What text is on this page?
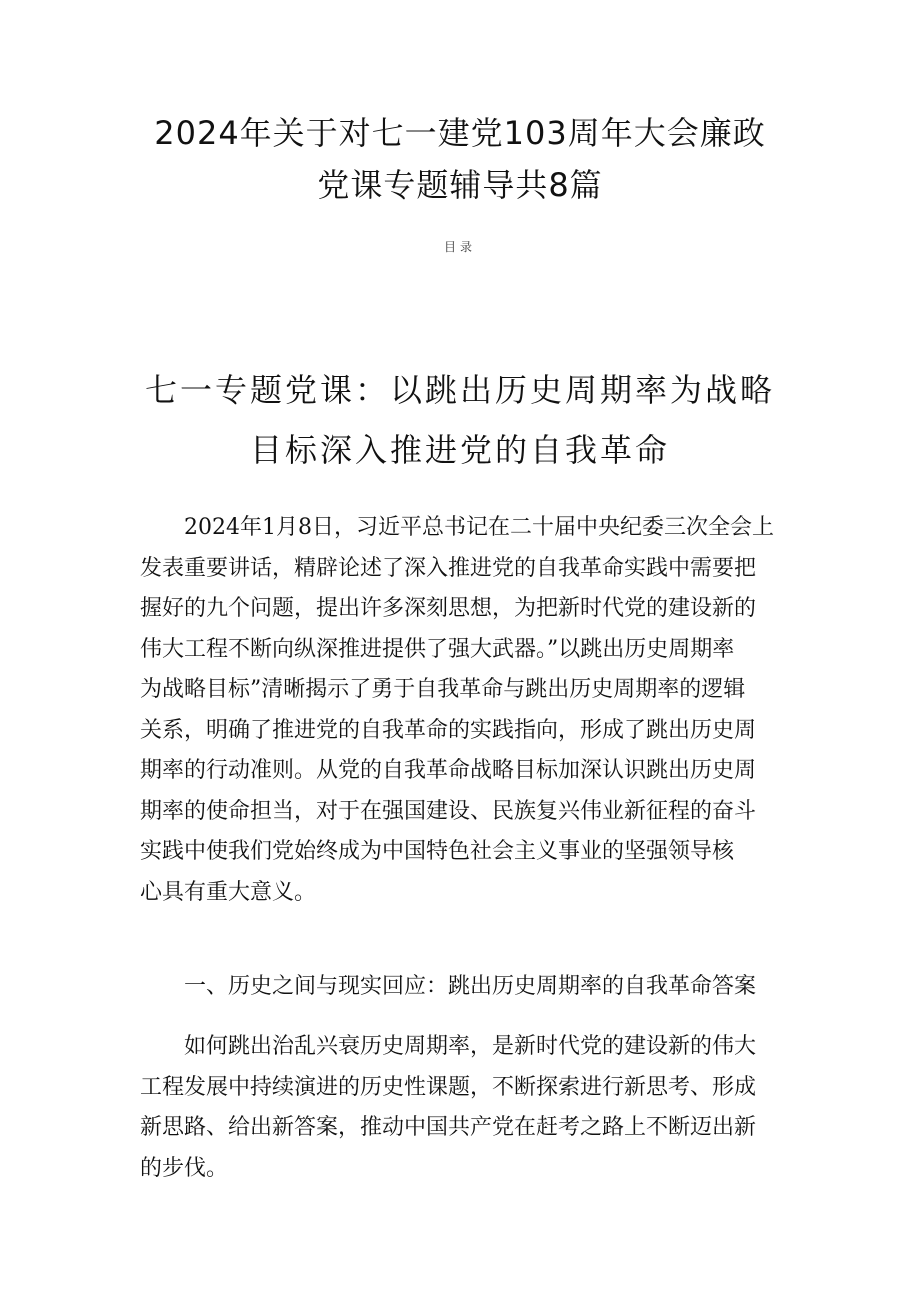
2024年关于对七一建党103周年大会廉政
党课专题辅导共8篇
目录
七一专题党课：以跳出历史周期率为战略
目标深入推进党的自我革命
2024年1月8日，习近平总书记在二十届中央纪委三次全会上
发表重要讲话，精辟论述了深入推进党的自我革命实践中需要把
握好的九个问题，提出许多深刻思想，为把新时代党的建设新的
伟大工程不断向纵深推进提供了强大武器。”以跳出历史周期率
为战略目标”清晰揭示了勇于自我革命与跳出历史周期率的逻辑
关系，明确了推进党的自我革命的实践指向，形成了跳出历史周
期率的行动准则。从党的自我革命战略目标加深认识跳出历史周
期率的使命担当，对于在强国建设、民族复兴伟业新征程的奋斗
实践中使我们党始终成为中国特色社会主义事业的坚强领导核
心具有重大意义。
一、历史之间与现实回应：跳出历史周期率的自我革命答案
如何跳出治乱兴衰历史周期率，是新时代党的建设新的伟大
工程发展中持续演进的历史性课题，不断探索进行新思考、形成
新思路、给出新答案，推动中国共产党在赶考之路上不断迈出新
的步伐。
